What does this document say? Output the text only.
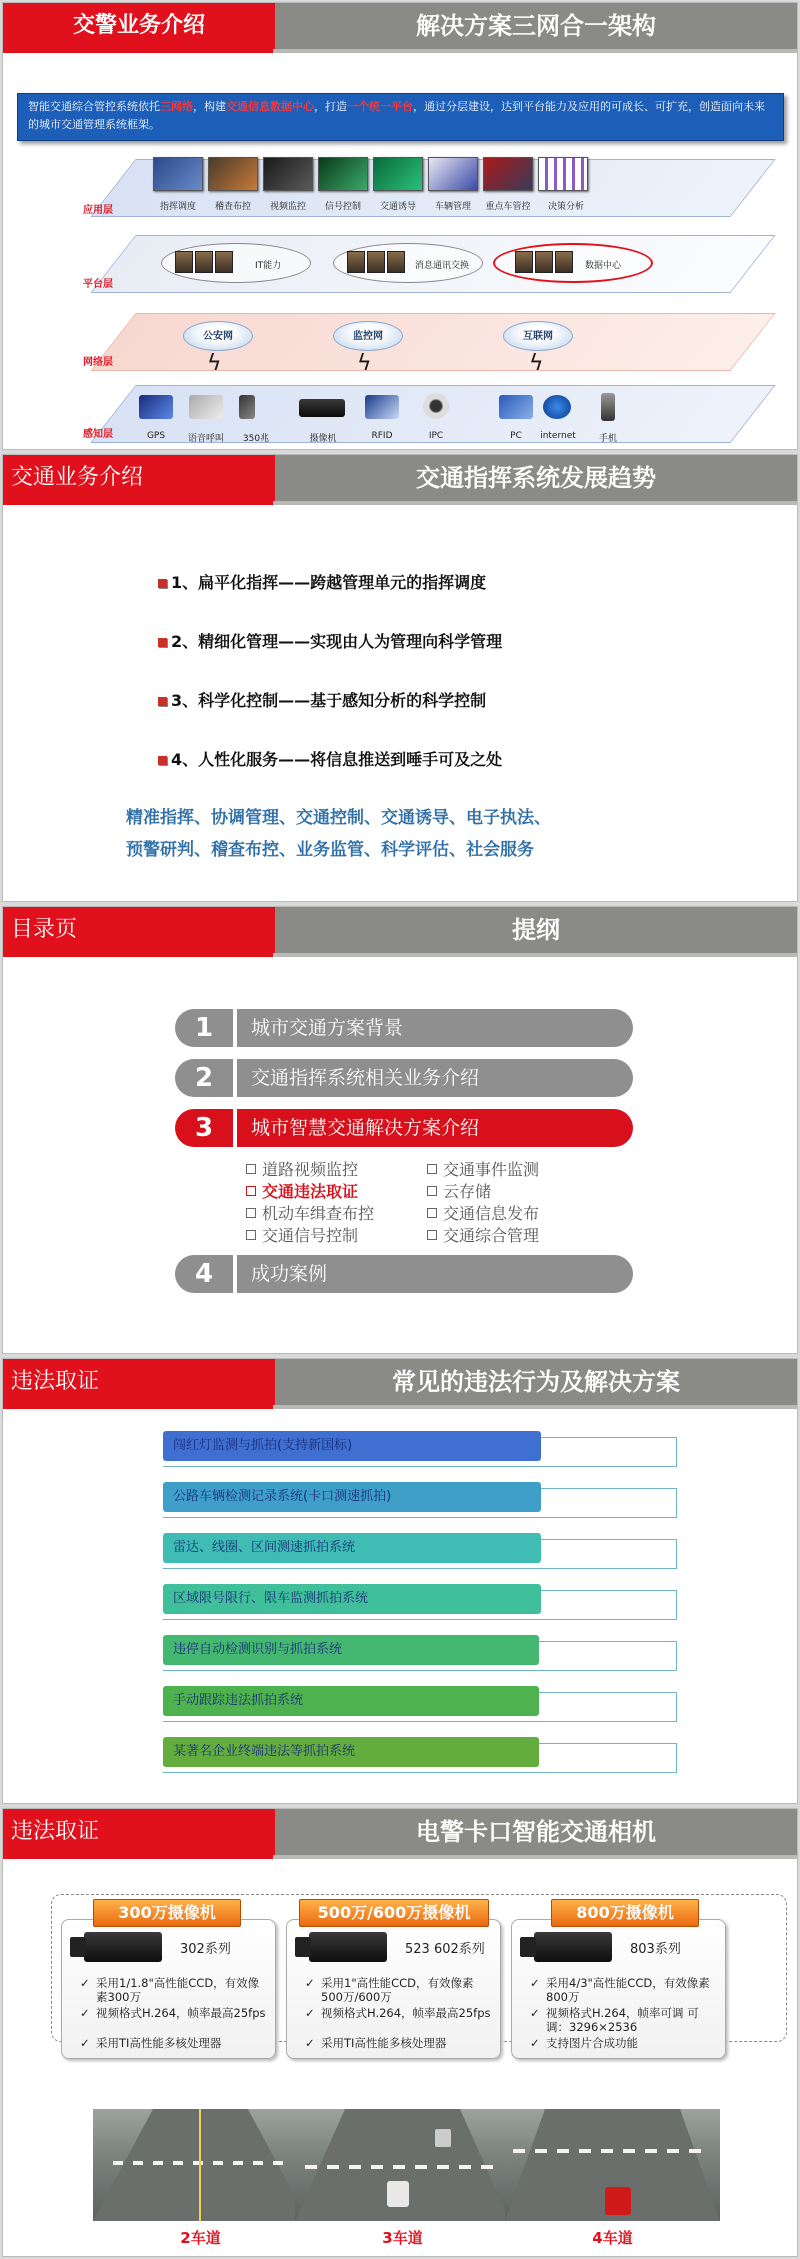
交警业务介绍	解决方案三网合一架构
智能交通综合管控系统依托三网络，构建交通信息数据中心，打造一个统一平台，通过分层建设，达到平台能力及应用的可成长、可扩充，创造面向未来的城市交通管理系统框架。
应用层	指挥调度	稽查布控	视频监控	信号控制	交通诱导	车辆管理	重点车管控	决策分析
平台层
IT能力	消息通讯交换	数据中心
网络层
公安网	监控网	互联网
ϟ	ϟ	ϟ
感知层	GPS	语音呼叫	350兆	摄像机	RFID	IPC	PC	internet	手机
交通业务介绍	交通指挥系统发展趋势
1、扁平化指挥——跨越管理单元的指挥调度
2、精细化管理——实现由人为管理向科学管理
3、科学化控制——基于感知分析的科学控制
4、人性化服务——将信息推送到唾手可及之处
精准指挥、协调管理、交通控制、交通诱导、电子执法、
预警研判、稽查布控、业务监管、科学评估、社会服务
目录页	提纲
1	城市交通方案背景
2	交通指挥系统相关业务介绍
3	城市智慧交通解决方案介绍
道路视频监控
交通违法取证
机动车缉查布控
交通信号控制
交通事件监测
云存储
交通信息发布
交通综合管理
4	成功案例
违法取证	常见的违法行为及解决方案
闯红灯监测与抓拍(支持新国标)
公路车辆检测记录系统(卡口测速抓拍)
雷达、线圈、区间测速抓拍系统
区域限号限行、限车监测抓拍系统
违停自动检测识别与抓拍系统
手动跟踪违法抓拍系统
某著名企业终端违法等抓拍系统
违法取证	电警卡口智能交通相机
302系列
✓ 采用1/1.8"高性能CCD，有效像素300万
✓ 视频格式H.264，帧率最高25fps
✓ 采用TI高性能多核处理器
300万摄像机
523 602系列
✓ 采用1"高性能CCD，有效像素500万/600万
✓ 视频格式H.264，帧率最高25fps
✓ 采用TI高性能多核处理器
500万/600万摄像机
803系列
✓ 采用4/3"高性能CCD，有效像素800万
✓ 视频格式H.264，帧率可调 可调：3296×2536
✓ 支持图片合成功能
800万摄像机
2车道	3车道	4车道
